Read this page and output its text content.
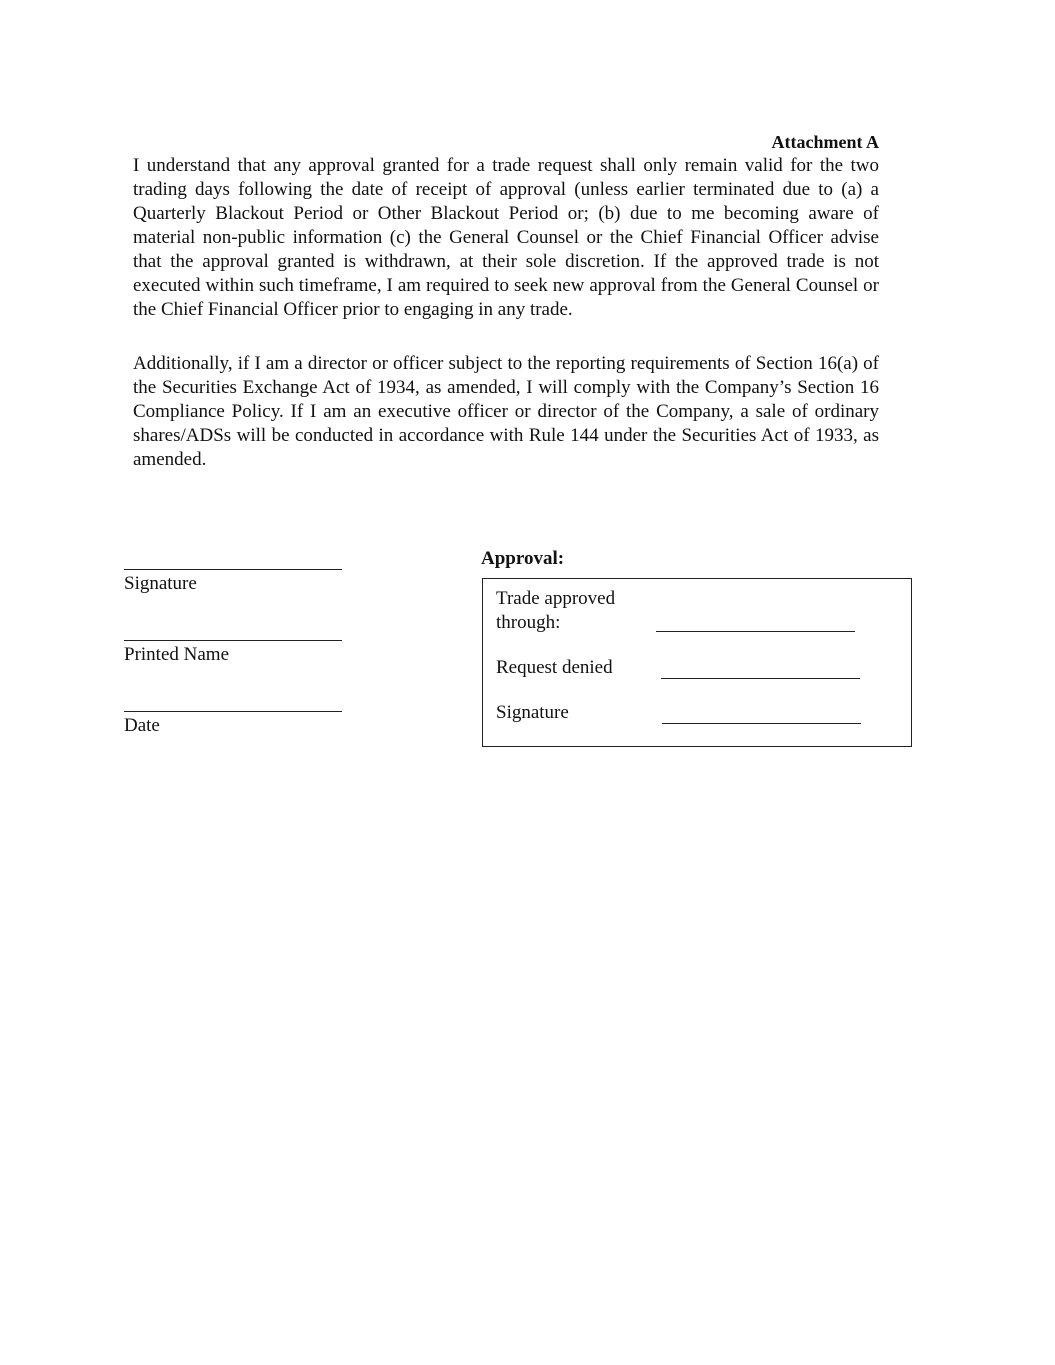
Attachment A

I understand that any approval granted for a trade request shall only remain valid for the two trading days following the date of receipt of approval (unless earlier terminated due to (a) a Quarterly Blackout Period or Other Blackout Period or; (b) due to me becoming aware of material non-public information (c) the General Counsel or the Chief Financial Officer advise that the approval granted is withdrawn, at their sole discretion. If the approved trade is not executed within such timeframe, I am required to seek new approval from the General Counsel or the Chief Financial Officer prior to engaging in any trade.

Additionally, if I am a director or officer subject to the reporting requirements of Section 16(a) of the Securities Exchange Act of 1934, as amended, I will comply with the Company’s Section 16 Compliance Policy. If I am an executive officer or director of the Company, a sale of ordinary shares/ADSs will be conducted in accordance with Rule 144 under the Securities Act of 1933, as amended.

Signature
Printed Name
Date
Approval:
Trade approved through:
Request denied
Signature
